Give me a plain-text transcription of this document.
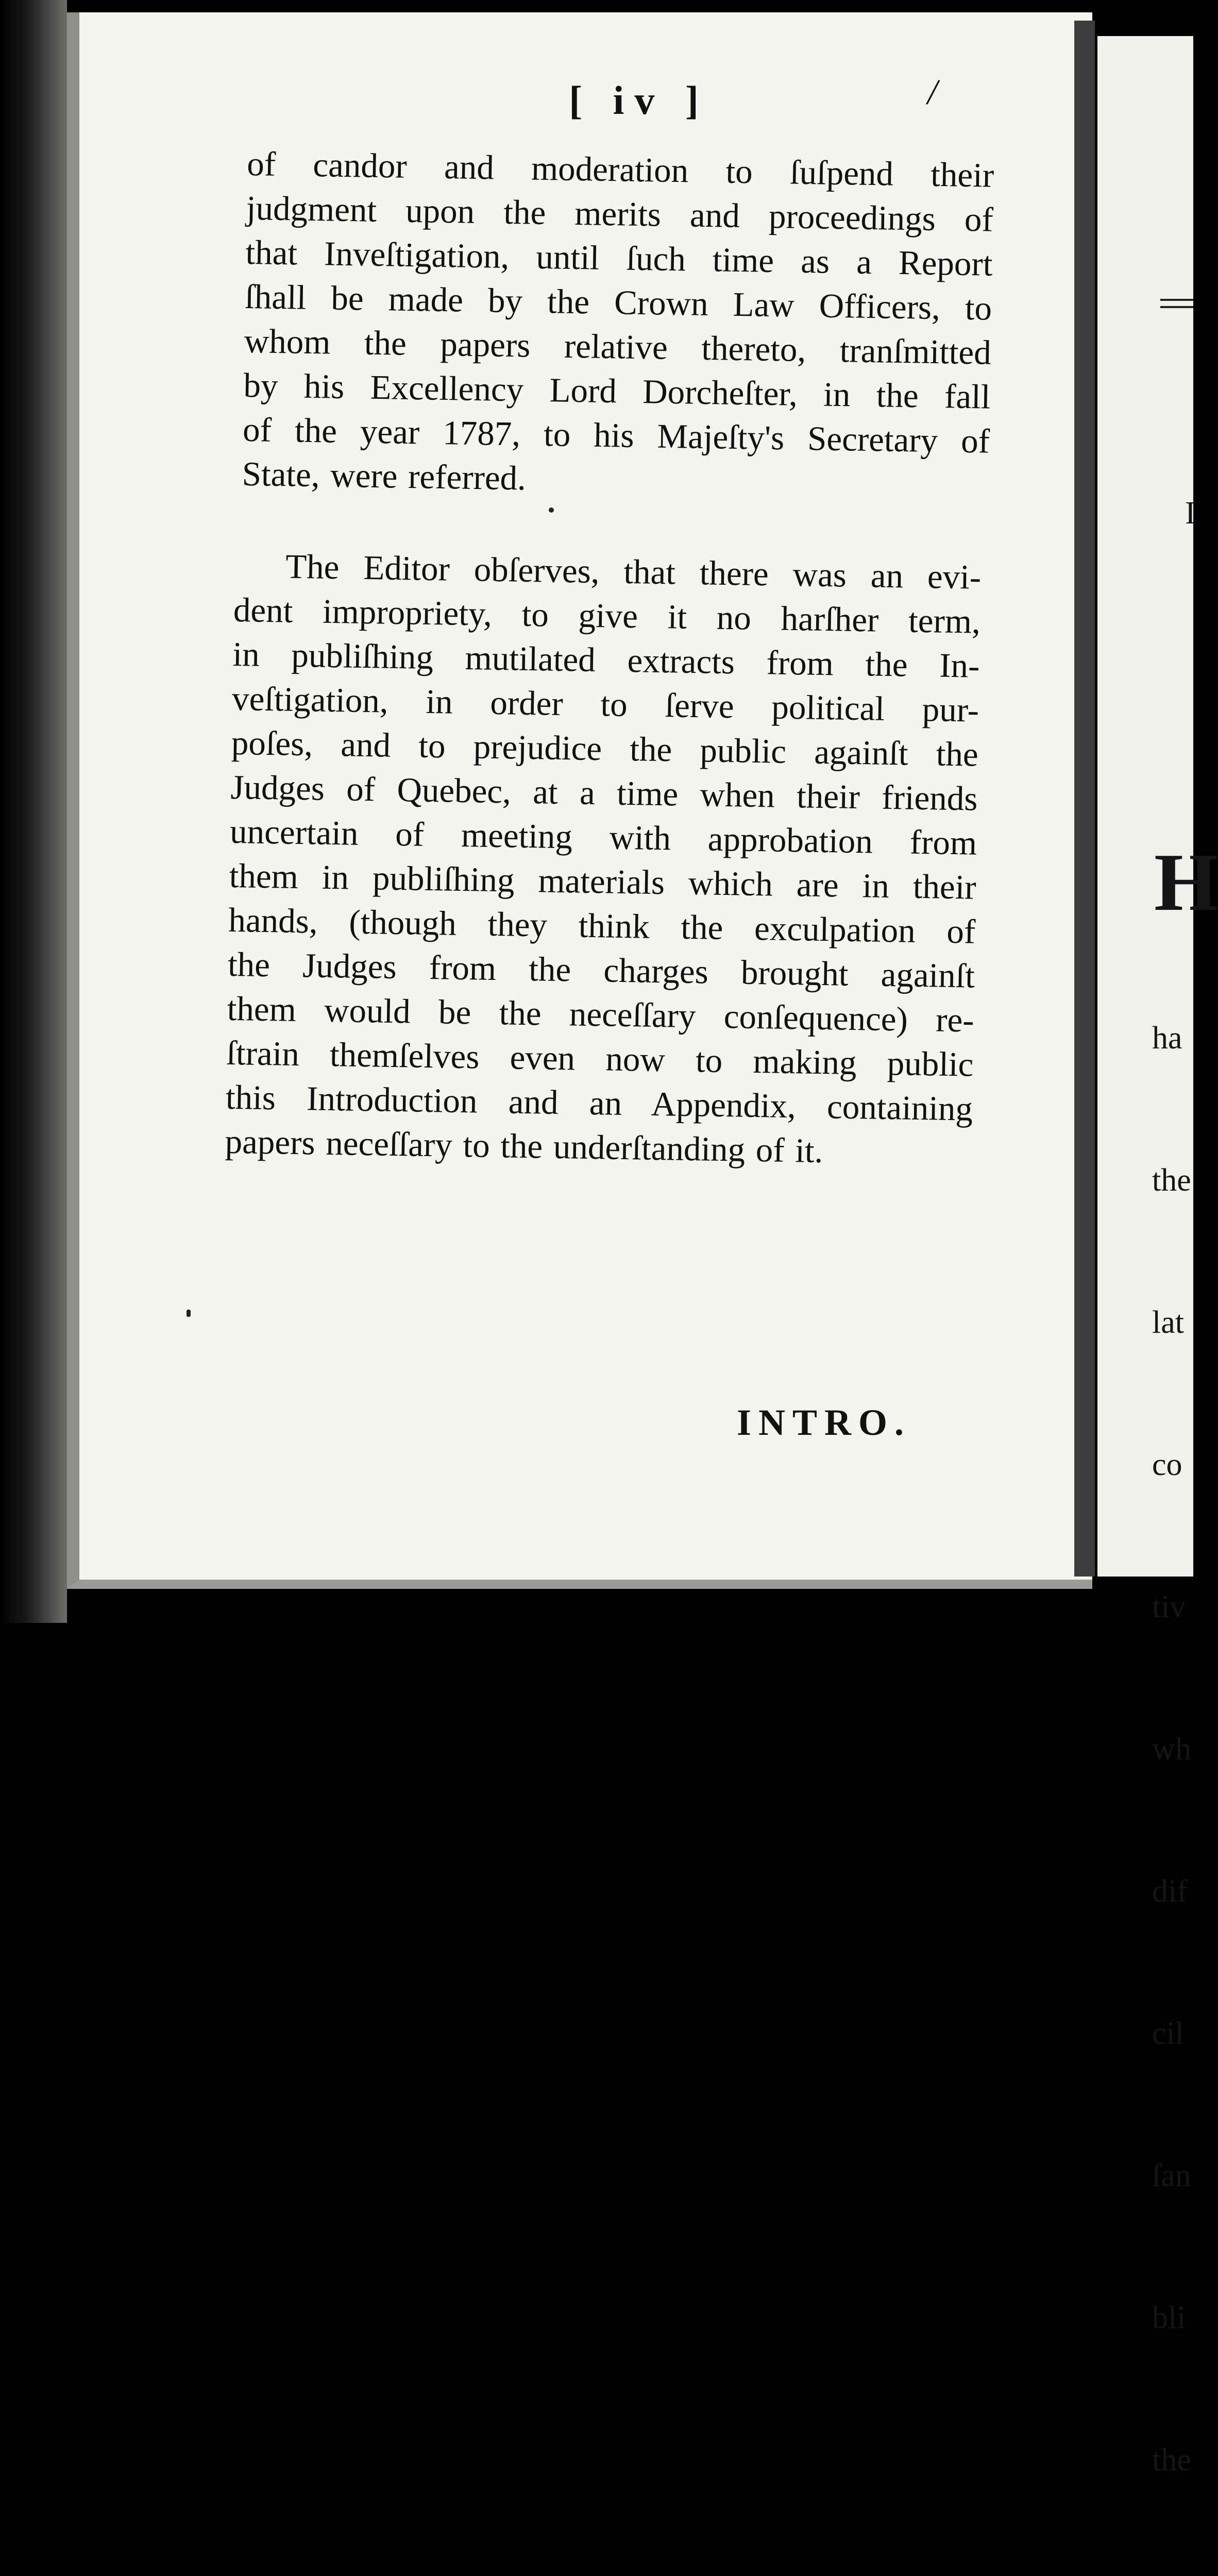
[ iv ]	/
of candor and moderation to ſuſpend their
judgment upon the merits and proceedings of
that Inveſtigation, until ſuch time as a Report
ſhall be made by the Crown Law Officers, to
whom the papers relative thereto, tranſmitted
by his Excellency Lord Dorcheſter, in the fall
of the year 1787, to his Majeſty's Secretary of
State, were referred.
The Editor obſerves, that there was an evi-
dent impropriety, to give it no harſher term,
in publiſhing mutilated extracts from the In-
veſtigation, in order to ſerve political pur-
poſes, and to prejudice the public againſt the
Judges of Quebec, at a time when their friends
uncertain of meeting with approbation from
them in publiſhing materials which are in their
hands, (though they think the exculpation of
the Judges from the charges brought againſt
them would be the neceſſary conſequence) re-
ſtrain themſelves even now to making public
this Introduction and an Appendix, containing
papers neceſſary to the underſtanding of it.
INTRO.
I
H

ha

the

lat

co

tiv

wh

dif

cil

ſan

bli

the
